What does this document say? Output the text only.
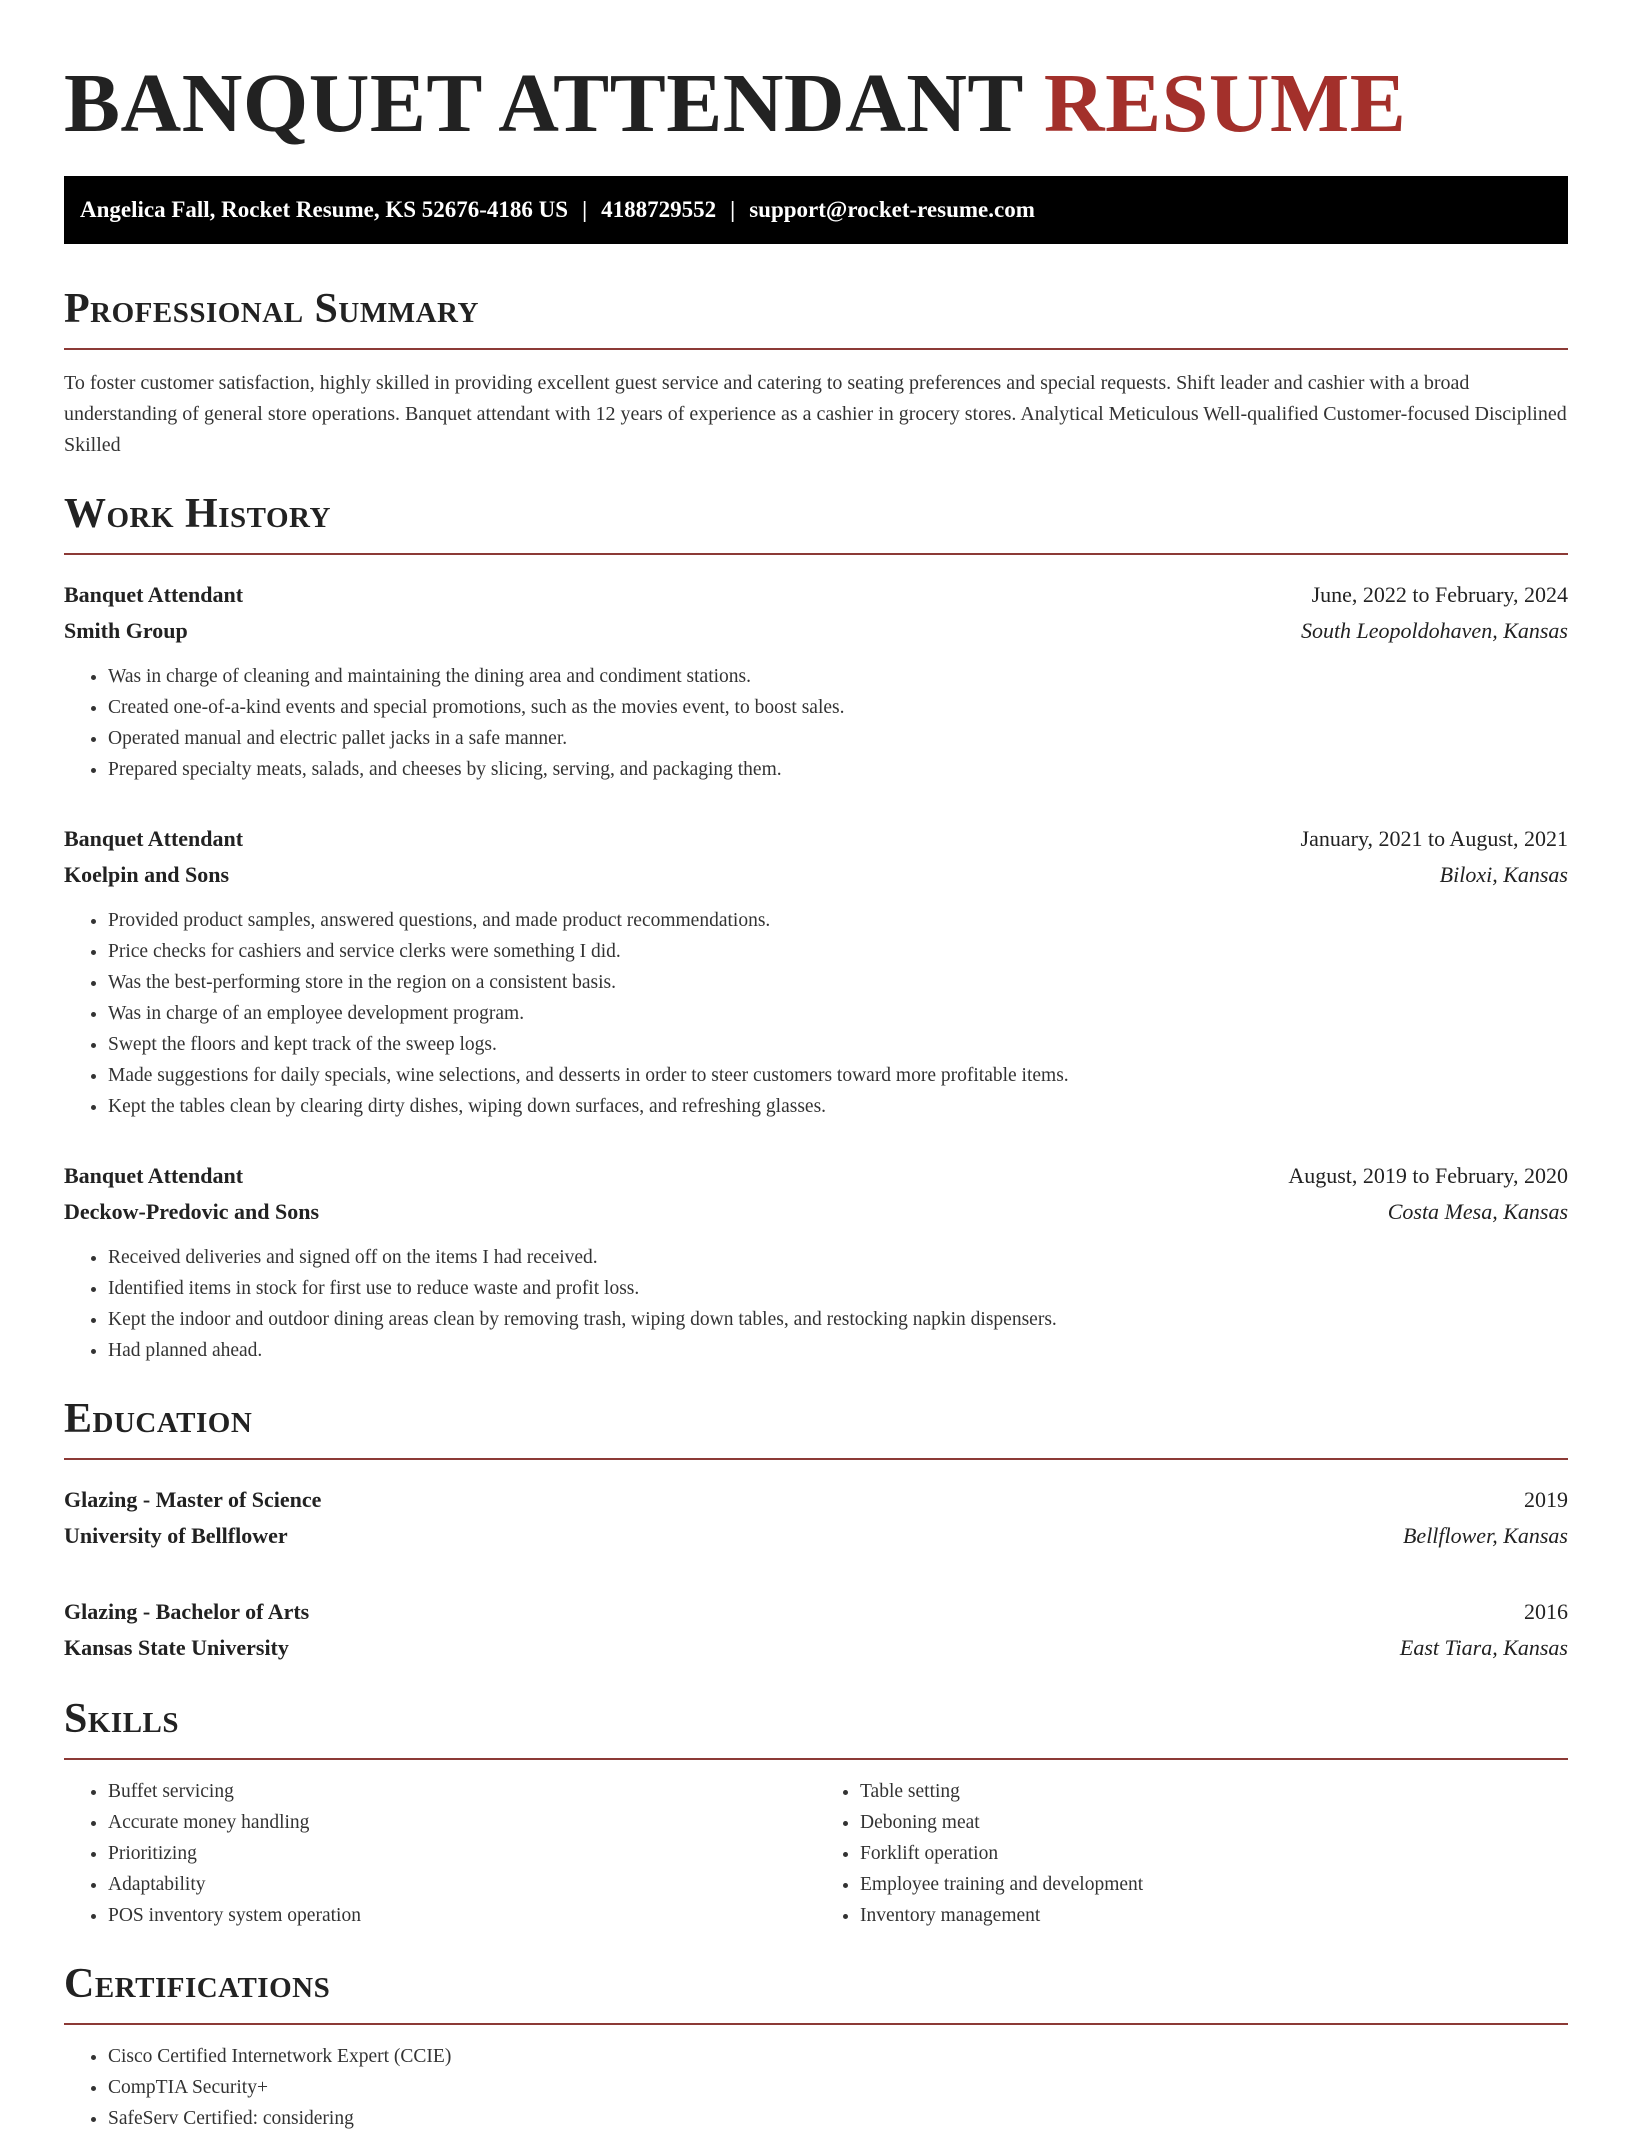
BANQUET ATTENDANT RESUME
Angelica Fall, Rocket Resume, KS 52676-4186 US | 4188729552 | support@rocket-resume.com
Professional Summary

To foster customer satisfaction, highly skilled in providing excellent guest service and catering to seating preferences and special requests. Shift leader and cashier with a broad understanding of general store operations. Banquet attendant with 12 years of experience as a cashier in grocery stores. Analytical Meticulous Well-qualified Customer-focused Disciplined Skilled

Work History
Banquet Attendant	June, 2022 to February, 2024
Smith Group	South Leopoldohaven, Kansas
• Was in charge of cleaning and maintaining the dining area and condiment stations.
• Created one-of-a-kind events and special promotions, such as the movies event, to boost sales.
• Operated manual and electric pallet jacks in a safe manner.
• Prepared specialty meats, salads, and cheeses by slicing, serving, and packaging them.
Banquet Attendant	January, 2021 to August, 2021
Koelpin and Sons	Biloxi, Kansas
• Provided product samples, answered questions, and made product recommendations.
• Price checks for cashiers and service clerks were something I did.
• Was the best-performing store in the region on a consistent basis.
• Was in charge of an employee development program.
• Swept the floors and kept track of the sweep logs.
• Made suggestions for daily specials, wine selections, and desserts in order to steer customers toward more profitable items.
• Kept the tables clean by clearing dirty dishes, wiping down surfaces, and refreshing glasses.
Banquet Attendant	August, 2019 to February, 2020
Deckow-Predovic and Sons	Costa Mesa, Kansas
• Received deliveries and signed off on the items I had received.
• Identified items in stock for first use to reduce waste and profit loss.
• Kept the indoor and outdoor dining areas clean by removing trash, wiping down tables, and restocking napkin dispensers.
• Had planned ahead.
Education
Glazing - Master of Science	2019
University of Bellflower	Bellflower, Kansas
Glazing - Bachelor of Arts	2016
Kansas State University	East Tiara, Kansas
Skills
• Buffet servicing
• Accurate money handling
• Prioritizing
• Adaptability
• POS inventory system operation
• Table setting
• Deboning meat
• Forklift operation
• Employee training and development
• Inventory management
Certifications
• Cisco Certified Internetwork Expert (CCIE)
• CompTIA Security+
• SafeServ Certified: considering
